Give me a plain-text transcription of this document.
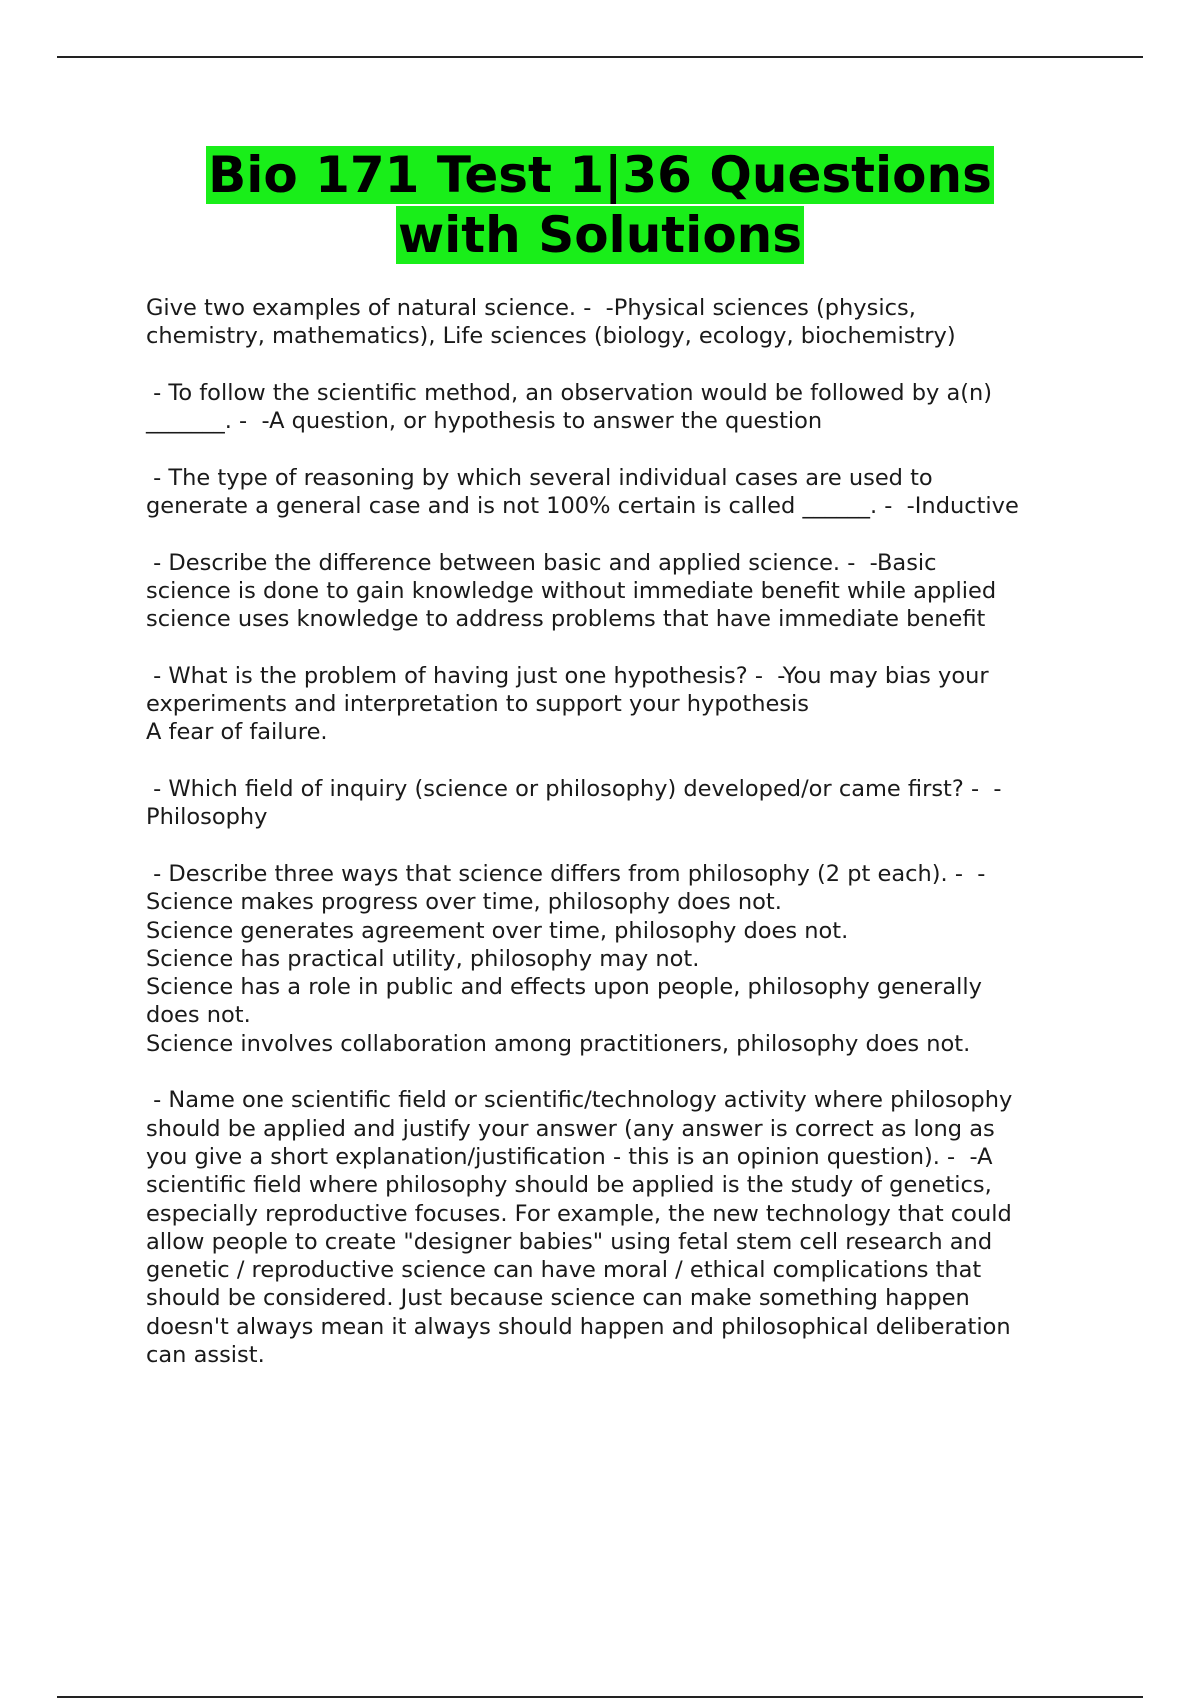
Bio 171 Test 1|36 Questions
with Solutions
Give two examples of natural science. -  -Physical sciences (physics,
chemistry, mathematics), Life sciences (biology, ecology, biochemistry)
- To follow the scientific method, an observation would be followed by a(n)
_______. -  -A question, or hypothesis to answer the question
- The type of reasoning by which several individual cases are used to
generate a general case and is not 100% certain is called ______. -  -Inductive
- Describe the difference between basic and applied science. -  -Basic
science is done to gain knowledge without immediate benefit while applied
science uses knowledge to address problems that have immediate benefit
- What is the problem of having just one hypothesis? -  -You may bias your
experiments and interpretation to support your hypothesis
A fear of failure.
- Which field of inquiry (science or philosophy) developed/or came first? -  -
Philosophy
- Describe three ways that science differs from philosophy (2 pt each). -  -
Science makes progress over time, philosophy does not.
Science generates agreement over time, philosophy does not.
Science has practical utility, philosophy may not.
Science has a role in public and effects upon people, philosophy generally
does not.
Science involves collaboration among practitioners, philosophy does not.
- Name one scientific field or scientific/technology activity where philosophy
should be applied and justify your answer (any answer is correct as long as
you give a short explanation/justification - this is an opinion question). -  -A
scientific field where philosophy should be applied is the study of genetics,
especially reproductive focuses. For example, the new technology that could
allow people to create "designer babies" using fetal stem cell research and
genetic / reproductive science can have moral / ethical complications that
should be considered. Just because science can make something happen
doesn't always mean it always should happen and philosophical deliberation
can assist.
